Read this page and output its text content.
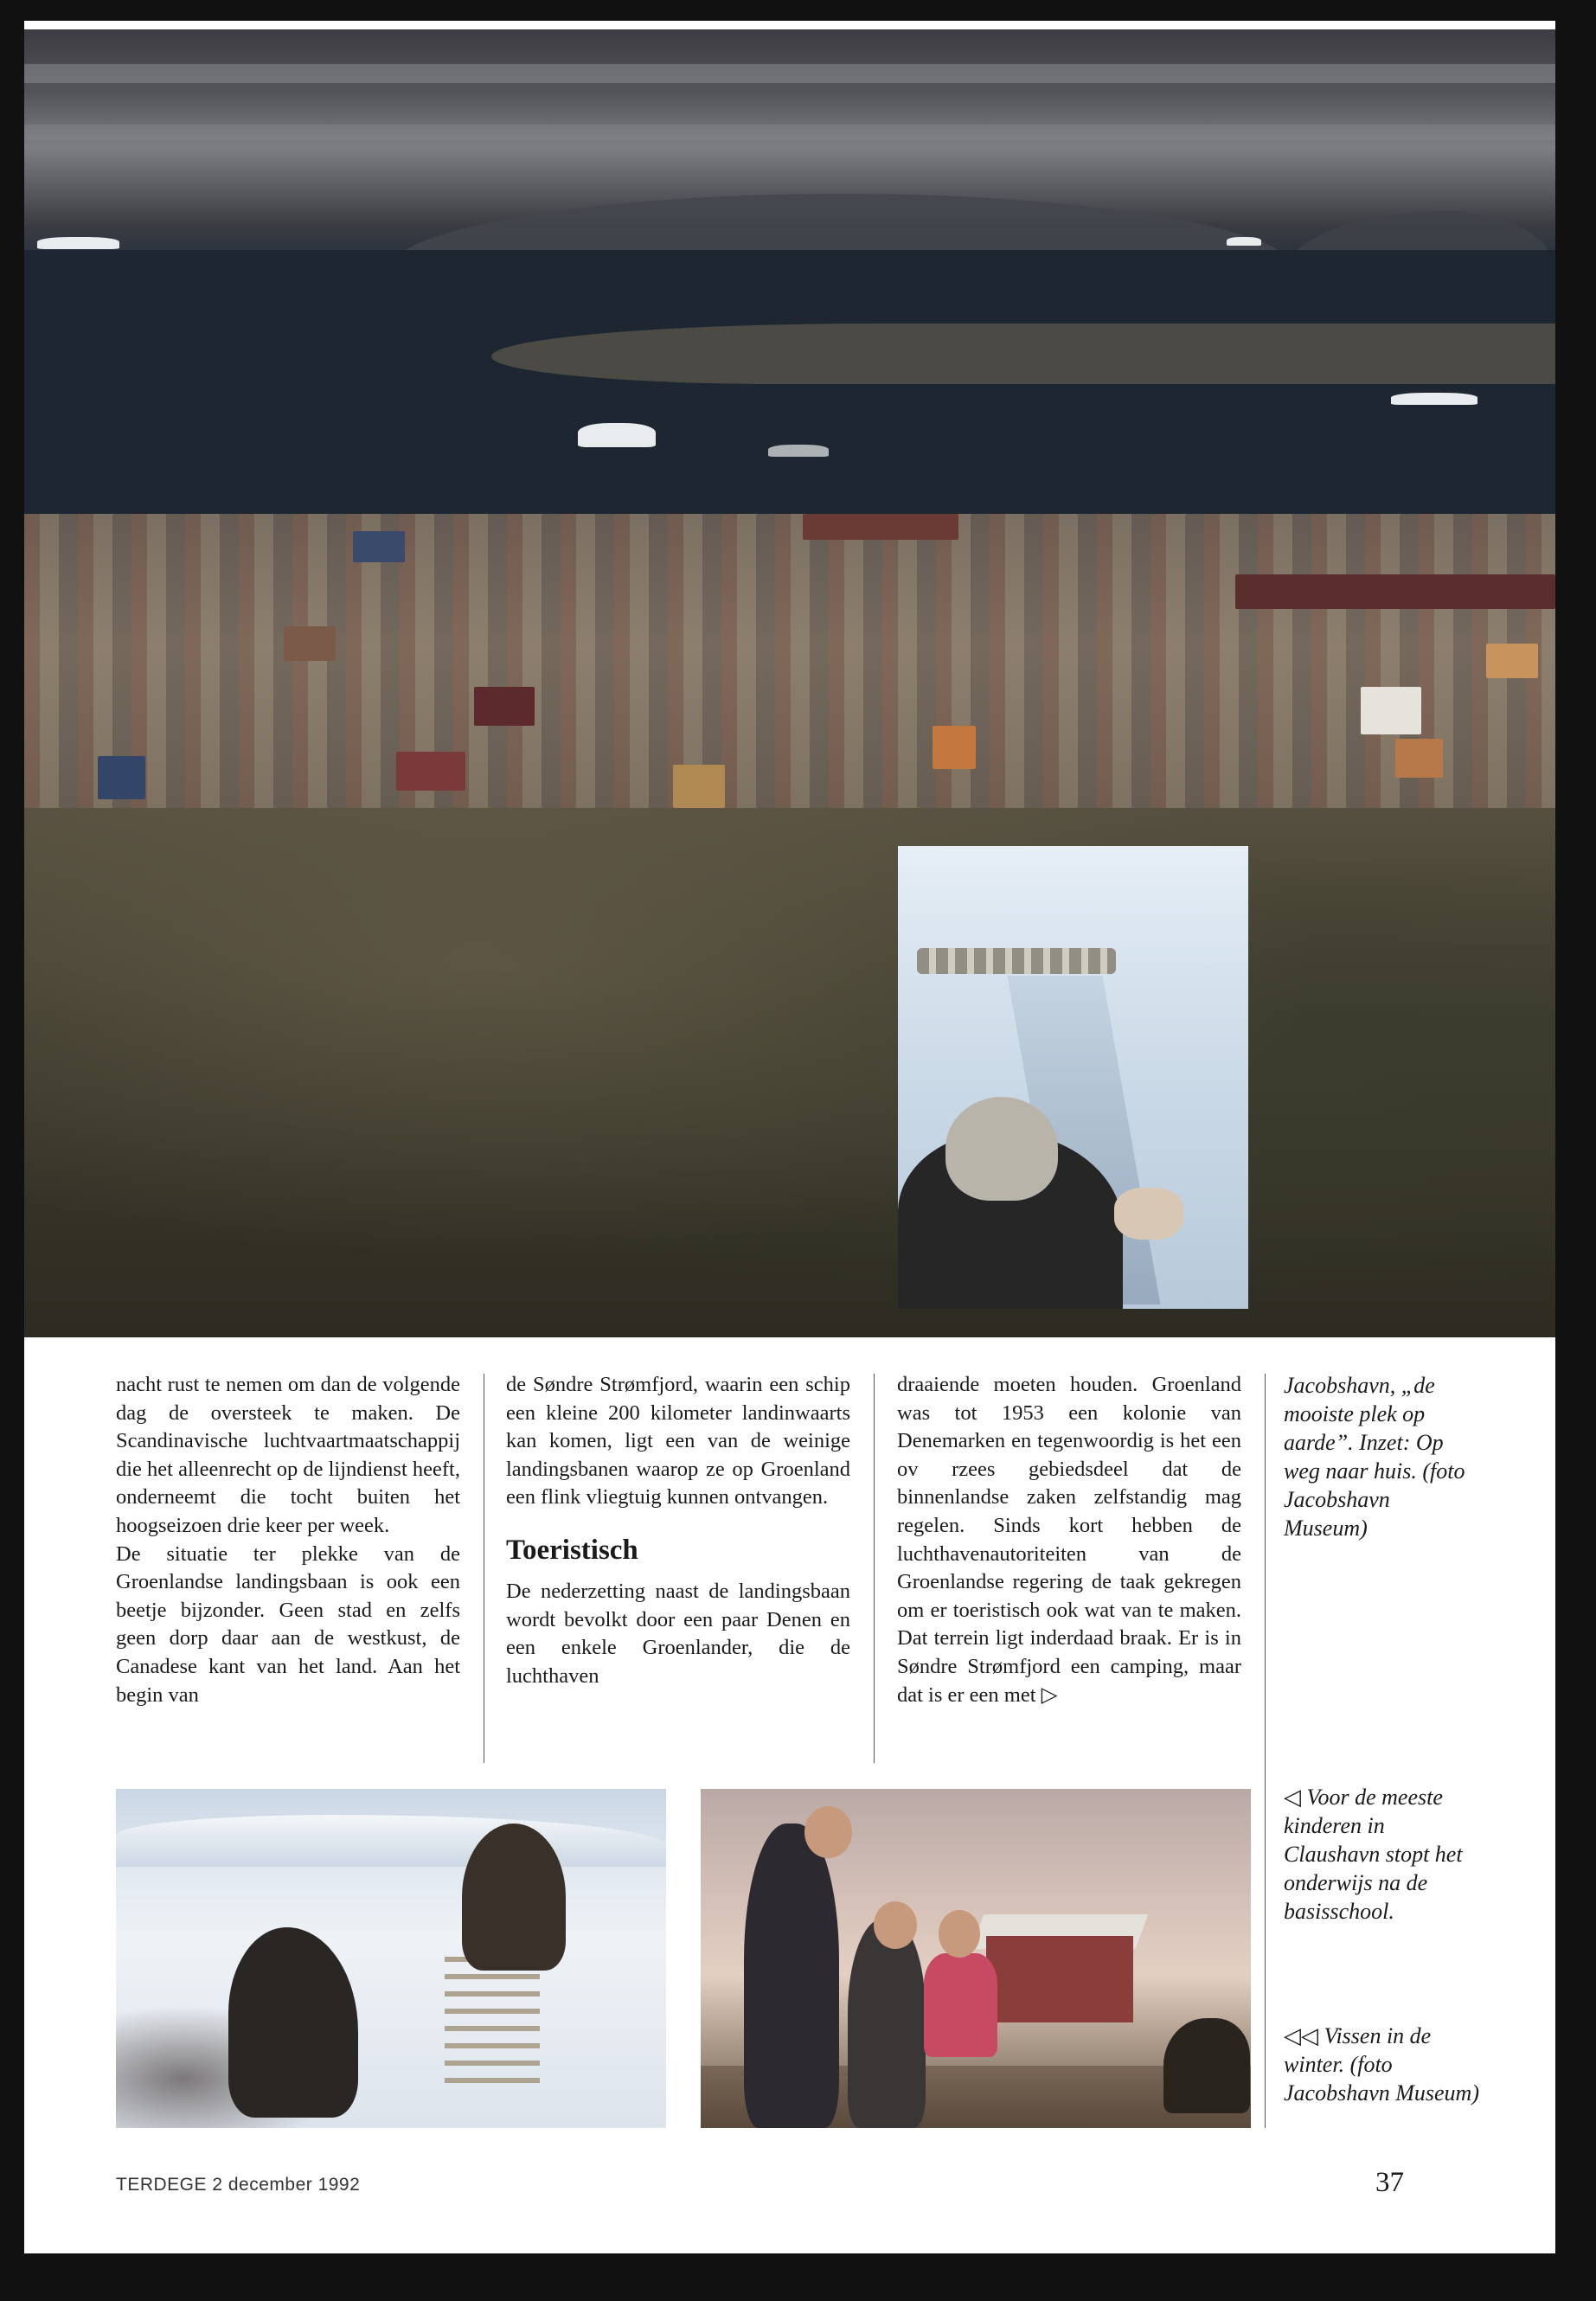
nacht rust te nemen om dan de volgende dag de oversteek te maken. De Scandinavische luchtvaartmaatschappij die het alleenrecht op de lijndienst heeft, onderneemt die tocht buiten het hoogseizoen drie keer per week.

De situatie ter plekke van de Groenlandse landingsbaan is ook een beetje bijzonder. Geen stad en zelfs geen dorp daar aan de westkust, de Canadese kant van het land. Aan het begin van

de Søndre Strømfjord, waarin een schip een kleine 200 kilometer landinwaarts kan komen, ligt een van de weinige landingsbanen waarop ze op Groenland een flink vliegtuig kunnen ontvangen.

Toeristisch

De nederzetting naast de landingsbaan wordt bevolkt door een paar Denen en een enkele Groenlander, die de luchthaven

draaiende moeten houden. Groenland was tot 1953 een kolonie van Denemarken en tegenwoordig is het een ov rzees gebiedsdeel dat de binnenlandse zaken zelfstandig mag regelen. Sinds kort hebben de luchthavenautoriteiten van de Groenlandse regering de taak gekregen om er toeristisch ook wat van te maken. Dat terrein ligt inderdaad braak. Er is in Søndre Strømfjord een camping, maar dat is er een met ▷

Jacobshavn, „de mooiste plek op aarde”. Inzet: Op weg naar huis. (foto Jacobshavn Museum)
◁ Voor de meeste kinderen in Claushavn stopt het onderwijs na de basisschool.
◁◁ Vissen in de winter. (foto Jacobshavn Museum)
TERDEGE 2 december 1992	37
